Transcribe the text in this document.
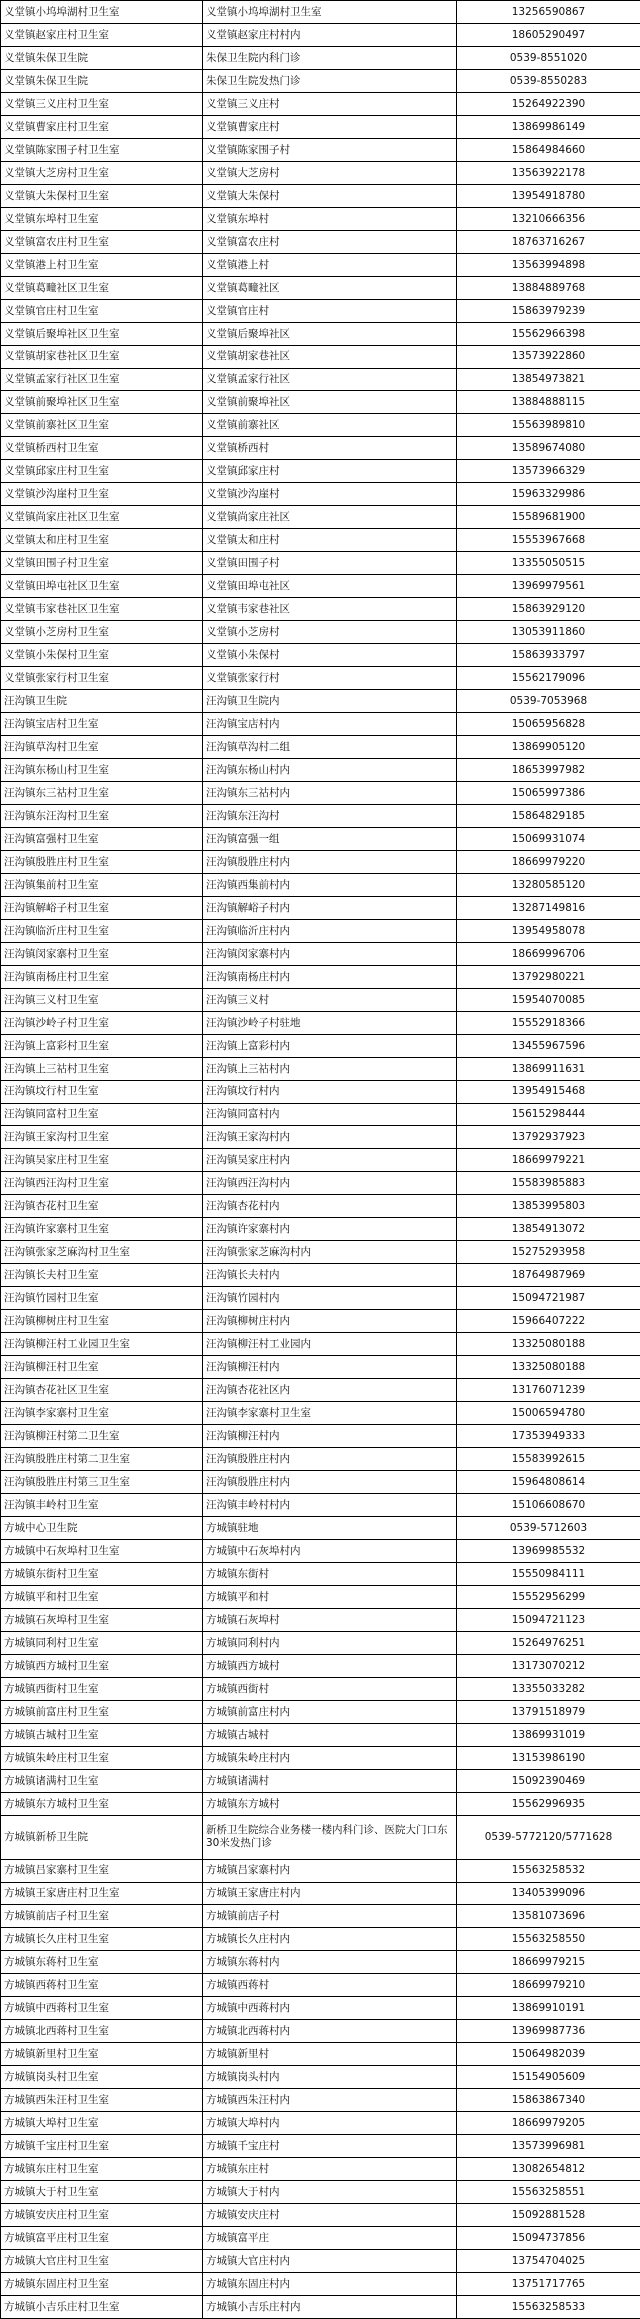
义堂镇小坞埠湖村卫生室	义堂镇小坞埠湖村卫生室	13256590867
义堂镇赵家庄村卫生室	义堂镇赵家庄村村内	18605290497
义堂镇朱保卫生院	朱保卫生院内科门诊	0539-8551020
义堂镇朱保卫生院	朱保卫生院发热门诊	0539-8550283
义堂镇三义庄村卫生室	义堂镇三义庄村	15264922390
义堂镇曹家庄村卫生室	义堂镇曹家庄村	13869986149
义堂镇陈家围子村卫生室	义堂镇陈家围子村	15864984660
义堂镇大芝房村卫生室	义堂镇大芝房村	13563922178
义堂镇大朱保村卫生室	义堂镇大朱保村	13954918780
义堂镇东埠村卫生室	义堂镇东埠村	13210666356
义堂镇富农庄村卫生室	义堂镇富农庄村	18763716267
义堂镇港上村卫生室	义堂镇港上村	13563994898
义堂镇葛疃社区卫生室	义堂镇葛疃社区	13884889768
义堂镇官庄村卫生室	义堂镇官庄村	15863979239
义堂镇后聚埠社区卫生室	义堂镇后聚埠社区	15562966398
义堂镇胡家巷社区卫生室	义堂镇胡家巷社区	13573922860
义堂镇孟家行社区卫生室	义堂镇孟家行社区	13854973821
义堂镇前聚埠社区卫生室	义堂镇前聚埠社区	13884888115
义堂镇前寨社区卫生室	义堂镇前寨社区	15563989810
义堂镇桥西村卫生室	义堂镇桥西村	13589674080
义堂镇邱家庄村卫生室	义堂镇邱家庄村	13573966329
义堂镇沙沟崖村卫生室	义堂镇沙沟崖村	15963329986
义堂镇尚家庄社区卫生室	义堂镇尚家庄社区	15589681900
义堂镇太和庄村卫生室	义堂镇太和庄村	15553967668
义堂镇田围子村卫生室	义堂镇田围子村	13355050515
义堂镇田埠屯社区卫生室	义堂镇田埠屯社区	13969979561
义堂镇韦家巷社区卫生室	义堂镇韦家巷社区	15863929120
义堂镇小芝房村卫生室	义堂镇小芝房村	13053911860
义堂镇小朱保村卫生室	义堂镇小朱保村	15863933797
义堂镇张家行村卫生室	义堂镇张家行村	15562179096
汪沟镇卫生院	汪沟镇卫生院内	0539-7053968
汪沟镇宝店村卫生室	汪沟镇宝店村内	15065956828
汪沟镇草沟村卫生室	汪沟镇草沟村二组	13869905120
汪沟镇东杨山村卫生室	汪沟镇东杨山村内	18653997982
汪沟镇东三祜村卫生室	汪沟镇东三祜村内	15065997386
汪沟镇东汪沟村卫生室	汪沟镇东汪沟村	15864829185
汪沟镇富强村卫生室	汪沟镇富强一组	15069931074
汪沟镇殷胜庄村卫生室	汪沟镇殷胜庄村内	18669979220
汪沟镇集前村卫生室	汪沟镇西集前村内	13280585120
汪沟镇解峪子村卫生室	汪沟镇解峪子村内	13287149816
汪沟镇临沂庄村卫生室	汪沟镇临沂庄村内	13954958078
汪沟镇闵家寨村卫生室	汪沟镇闵家寨村内	18669996706
汪沟镇南杨庄村卫生室	汪沟镇南杨庄村内	13792980221
汪沟镇三义村卫生室	汪沟镇三义村	15954070085
汪沟镇沙岭子村卫生室	汪沟镇沙岭子村驻地	15552918366
汪沟镇上富彩村卫生室	汪沟镇上富彩村内	13455967596
汪沟镇上三祜村卫生室	汪沟镇上三祜村内	13869911631
汪沟镇坟行村卫生室	汪沟镇坟行村内	13954915468
汪沟镇同富村卫生室	汪沟镇同富村内	15615298444
汪沟镇王家沟村卫生室	汪沟镇王家沟村内	13792937923
汪沟镇吴家庄村卫生室	汪沟镇吴家庄村内	18669979221
汪沟镇西汪沟村卫生室	汪沟镇西汪沟村内	15583985883
汪沟镇杏花村卫生室	汪沟镇杏花村内	13853995803
汪沟镇许家寨村卫生室	汪沟镇许家寨村内	13854913072
汪沟镇张家芝麻沟村卫生室	汪沟镇张家芝麻沟村内	15275293958
汪沟镇长夫村卫生室	汪沟镇长夫村内	18764987969
汪沟镇竹园村卫生室	汪沟镇竹园村内	15094721987
汪沟镇柳树庄村卫生室	汪沟镇柳树庄村内	15966407222
汪沟镇柳汪村工业园卫生室	汪沟镇柳汪村工业园内	13325080188
汪沟镇柳汪村卫生室	汪沟镇柳汪村内	13325080188
汪沟镇杏花社区卫生室	汪沟镇杏花社区内	13176071239
汪沟镇李家寨村卫生室	汪沟镇李家寨村卫生室	15006594780
汪沟镇柳汪村第二卫生室	汪沟镇柳汪村内	17353949333
汪沟镇殷胜庄村第二卫生室	汪沟镇殷胜庄村内	15583992615
汪沟镇殷胜庄村第三卫生室	汪沟镇殷胜庄村内	15964808614
汪沟镇丰岭村卫生室	汪沟镇丰岭村村内	15106608670
方城中心卫生院	方城镇驻地	0539-5712603
方城镇中石灰埠村卫生室	方城镇中石灰埠村内	13969985532
方城镇东街村卫生室	方城镇东街村	15550984111
方城镇平和村卫生室	方城镇平和村	15552956299
方城镇石灰埠村卫生室	方城镇石灰埠村	15094721123
方城镇同利村卫生室	方城镇同利村内	15264976251
方城镇西方城村卫生室	方城镇西方城村	13173070212
方城镇西街村卫生室	方城镇西街村	13355033282
方城镇前富庄村卫生室	方城镇前富庄村内	13791518979
方城镇古城村卫生室	方城镇古城村	13869931019
方城镇朱岭庄村卫生室	方城镇朱岭庄村内	13153986190
方城镇诸满村卫生室	方城镇诸满村	15092390469
方城镇东方城村卫生室	方城镇东方城村	15562996935
方城镇新桥卫生院	新桥卫生院综合业务楼一楼内科门诊、医院大门口东30米发热门诊	0539-5772120/5771628
方城镇吕家寨村卫生室	方城镇吕家寨村内	15563258532
方城镇王家唐庄村卫生室	方城镇王家唐庄村内	13405399096
方城镇前店子村卫生室	方城镇前店子村	13581073696
方城镇长久庄村卫生室	方城镇长久庄村内	15563258550
方城镇东蒋村卫生室	方城镇东蒋村内	18669979215
方城镇西蒋村卫生室	方城镇西蒋村	18669979210
方城镇中西蒋村卫生室	方城镇中西蒋村内	13869910191
方城镇北西蒋村卫生室	方城镇北西蒋村内	13969987736
方城镇新里村卫生室	方城镇新里村	15064982039
方城镇岗头村卫生室	方城镇岗头村内	15154905609
方城镇西朱汪村卫生室	方城镇西朱汪村内	15863867340
方城镇大埠村卫生室	方城镇大埠村内	18669979205
方城镇千宝庄村卫生室	方城镇千宝庄村	13573996981
方城镇东庄村卫生室	方城镇东庄村	13082654812
方城镇大于村卫生室	方城镇大于村内	15563258551
方城镇安庆庄村卫生室	方城镇安庆庄村	15092881528
方城镇富平庄村卫生室	方城镇富平庄	15094737856
方城镇大官庄村卫生室	方城镇大官庄村内	13754704025
方城镇东固庄村卫生室	方城镇东固庄村内	13751717765
方城镇小吉乐庄村卫生室	方城镇小吉乐庄村内	15563258533
